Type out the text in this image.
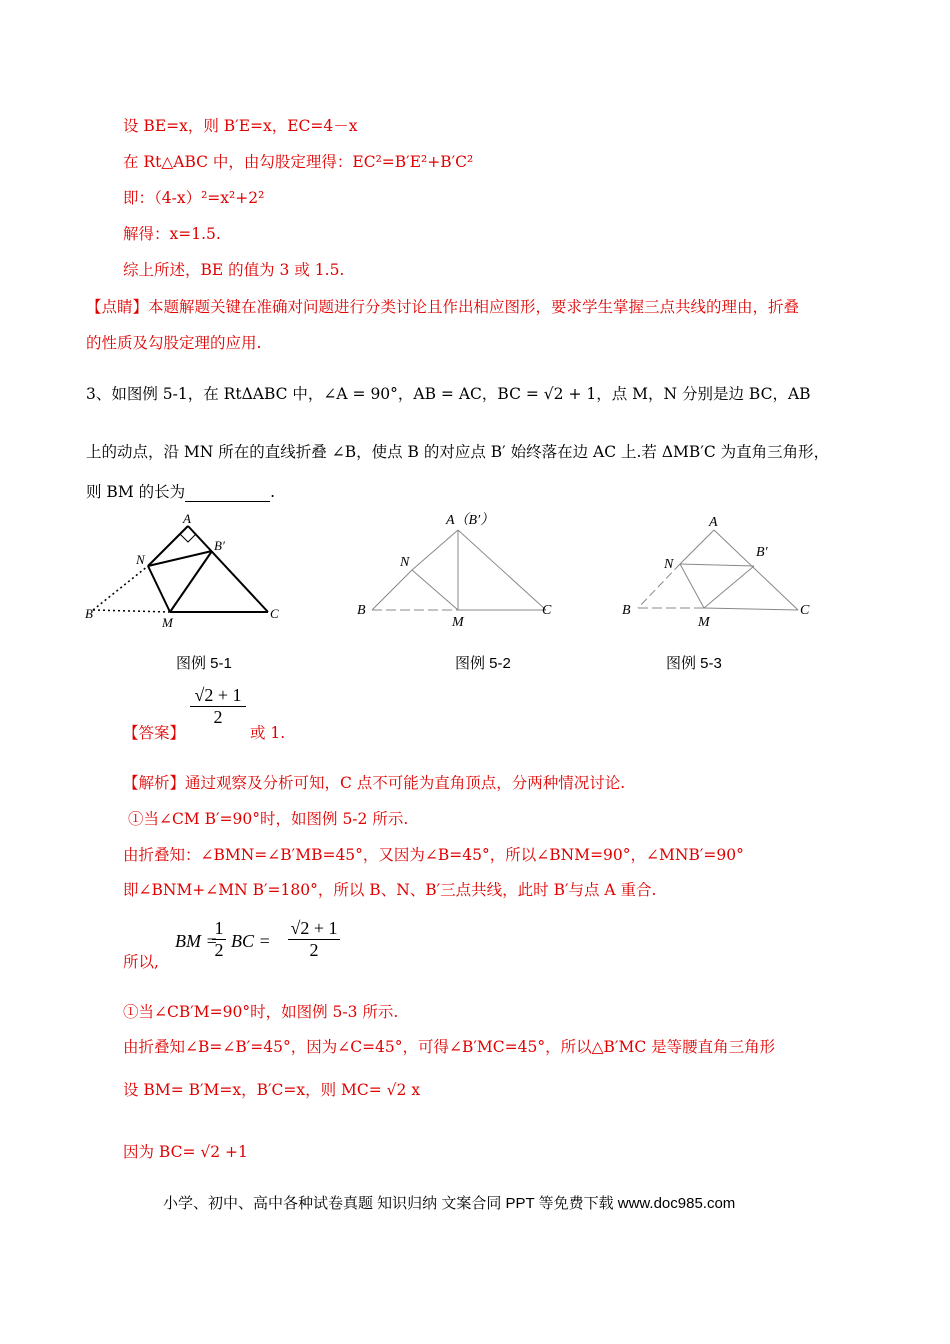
设 BE=x，则 B′E=x，EC=4－x
在 Rt△ABC 中，由勾股定理得：EC²=B′E²+B′C²
即：（4-x）²=x²+2²
解得：x=1.5.
综上所述，BE 的值为 3 或 1.5.
【点睛】本题解题关键在准确对问题进行分类讨论且作出相应图形，要求学生掌握三点共线的理由，折叠
的性质及勾股定理的应用.
3、如图例 5-1，在 RtΔABC 中，∠A = 90°，AB = AC，BC = √2 + 1，点 M，N 分别是边 BC，AB
上的动点，沿 MN 所在的直线折叠 ∠B，使点 B 的对应点 B′ 始终落在边 AC 上.若 ΔMB′C 为直角三角形，
则 BM 的长为	.
A
B′
N
B
M
C
图例 5-1
A（B′）
N
B
M
C
图例 5-2
A
B′
N
B
M
C
图例 5-3
【答案】
$\frac{√2 + 1}{2}$
或 1.
【解析】通过观察及分析可知，C 点不可能为直角顶点，分两种情况讨论.
①当∠CM B′=90°时，如图例 5-2 所示.
由折叠知：∠BMN=∠B′MB=45°，又因为∠B=45°，所以∠BNM=90°，∠MNB′=90°
即∠BNM+∠MN B′=180°，所以 B、N、B′三点共线，此时 B′与点 A 重合.
所以,
BM =
$\frac{1}{2}$ BC = $\frac{√2 + 1}{2}$
①当∠CB′M=90°时，如图例 5-3 所示.
由折叠知∠B=∠B′=45°，因为∠C=45°，可得∠B′MC=45°，所以△B′MC 是等腰直角三角形
设 BM= B′M=x，B′C=x，则 MC= √2 x
因为 BC= √2 +1
小学、初中、高中各种试卷真题 知识归纳 文案合同 PPT 等免费下载 www.doc985.com
